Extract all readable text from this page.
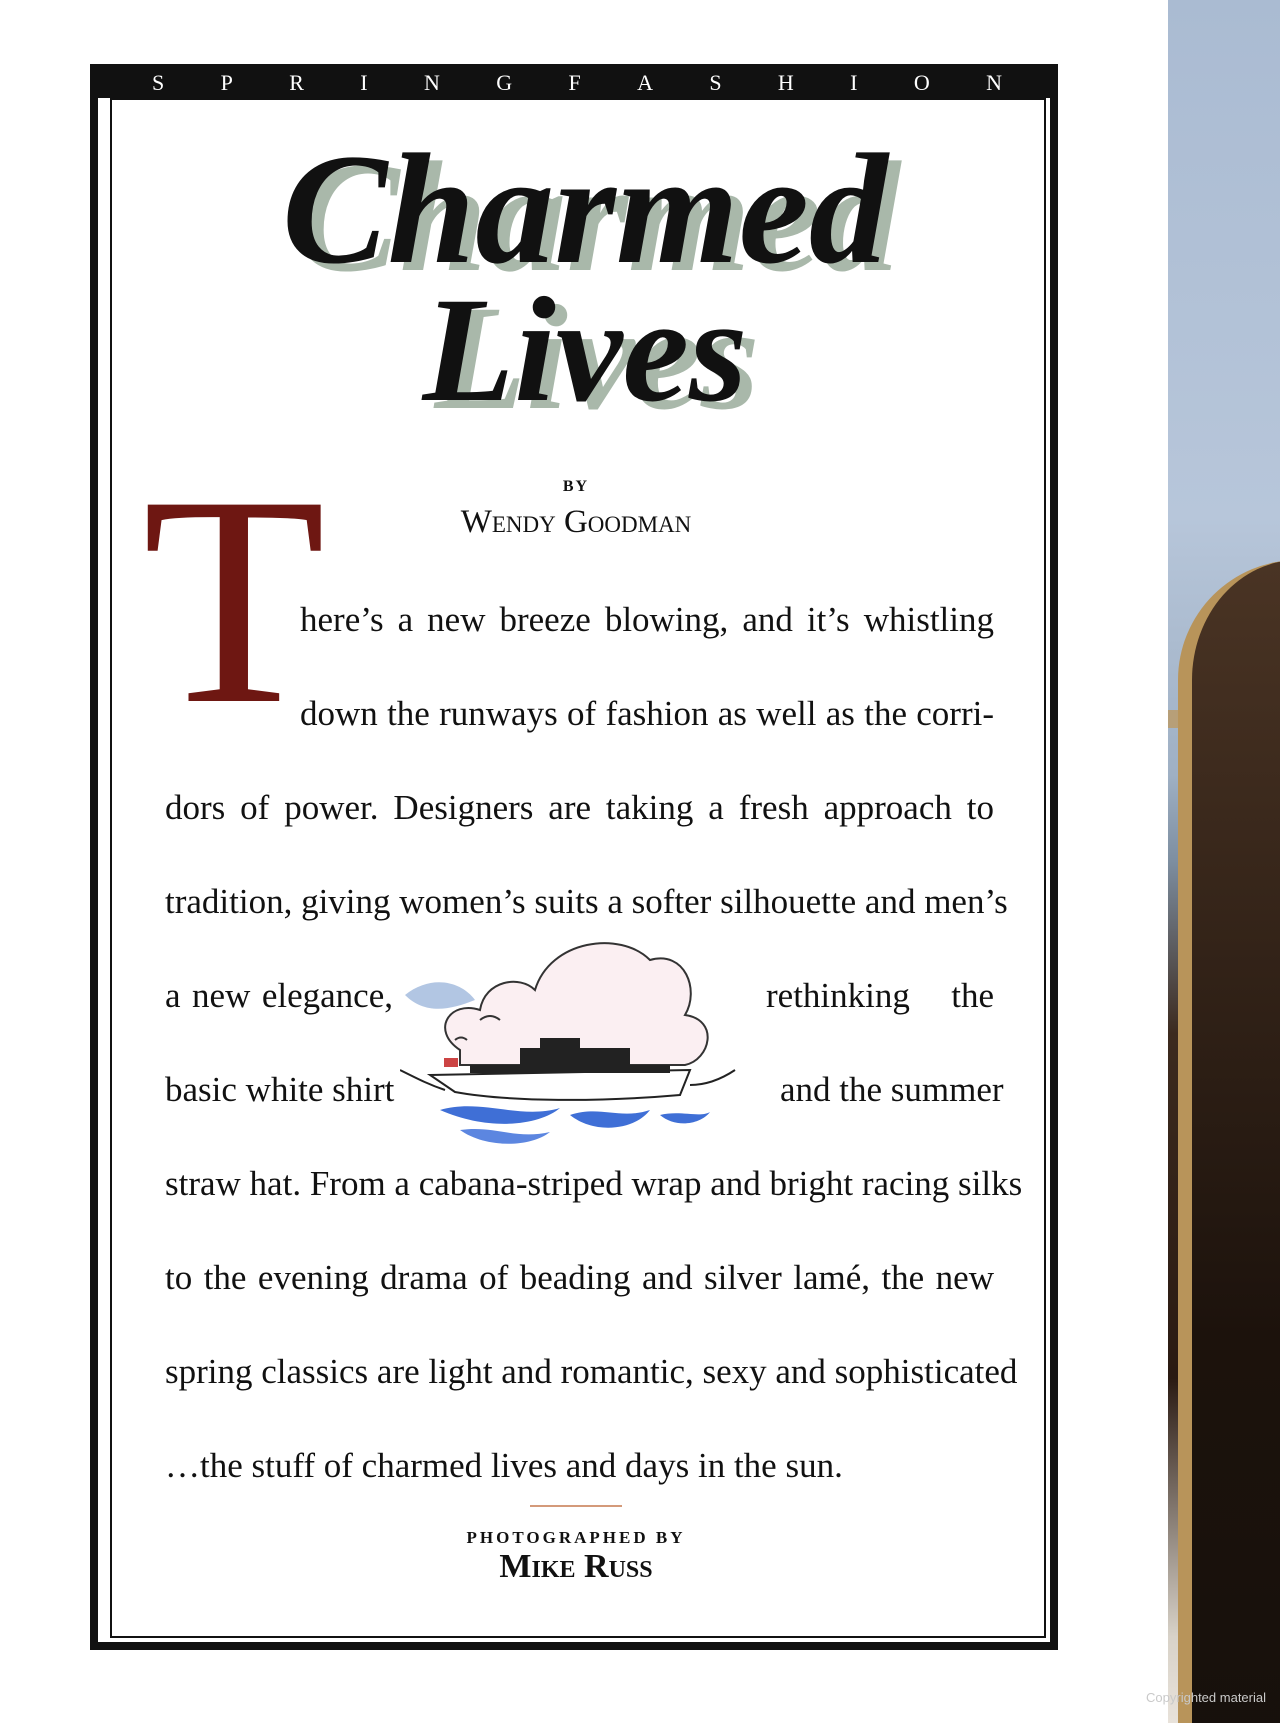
Copyrighted material
S	P	R	I	N	G	F	A	S	H	I	O	N
Charmed
Lives
BY
Wendy Goodman
T
here’s a new breeze blowing, and it’s whistling
down the runways of fashion as well as the corri-
dors of power. Designers are taking a fresh approach to
tradition, giving women’s suits a softer silhouette and men’s
a new elegance,	rethinking the
basic white shirt	and the summer
straw hat. From a cabana-striped wrap and bright racing silks
to the evening drama of beading and silver lamé, the new
spring classics are light and romantic, sexy and sophisticated
…the stuff of charmed lives and days in the sun.
PHOTOGRAPHED BY
Mike Russ
